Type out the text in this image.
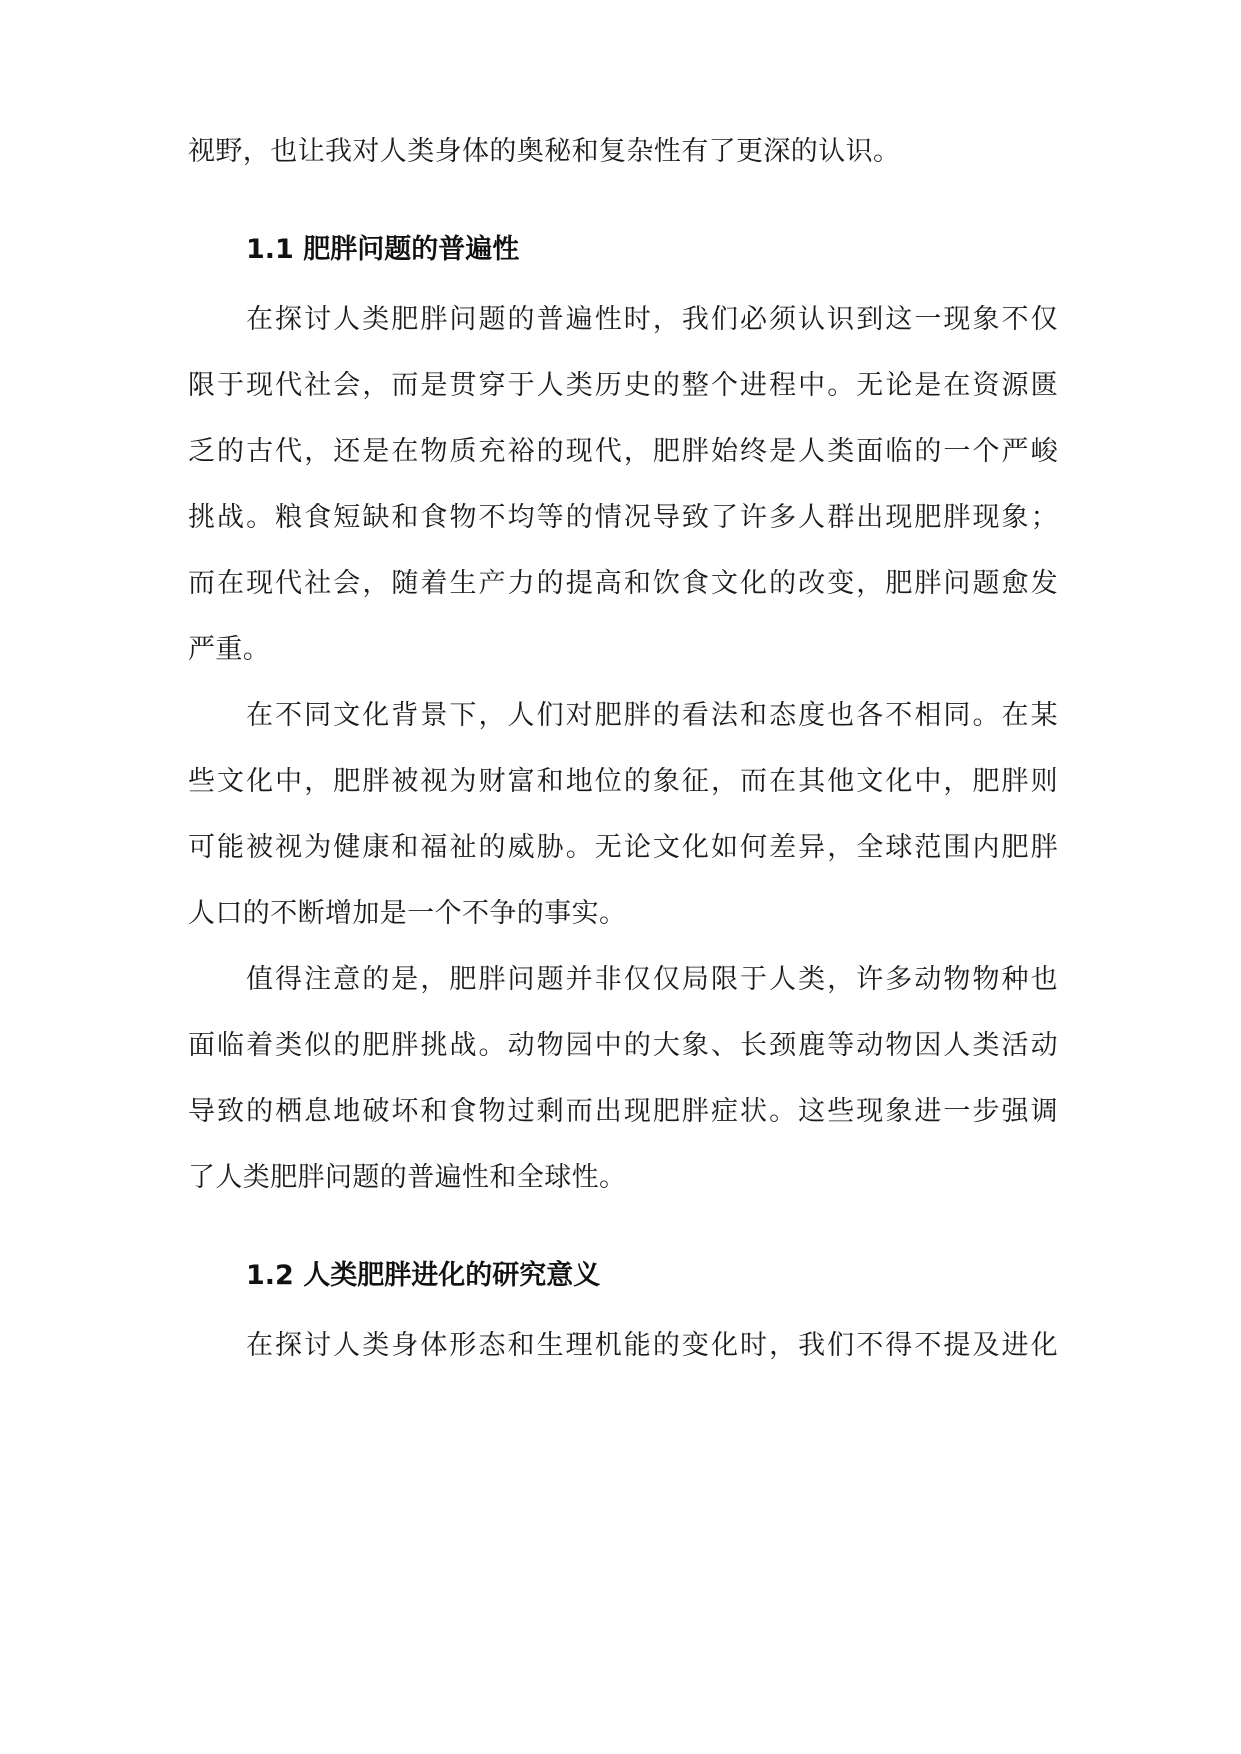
视野，也让我对人类身体的奥秘和复杂性有了更深的认识。
1.1 肥胖问题的普遍性
在探讨人类肥胖问题的普遍性时，我们必须认识到这一现象不仅
限于现代社会，而是贯穿于人类历史的整个进程中。无论是在资源匮
乏的古代，还是在物质充裕的现代，肥胖始终是人类面临的一个严峻
挑战。粮食短缺和食物不均等的情况导致了许多人群出现肥胖现象；
而在现代社会，随着生产力的提高和饮食文化的改变，肥胖问题愈发
严重。
在不同文化背景下，人们对肥胖的看法和态度也各不相同。在某
些文化中，肥胖被视为财富和地位的象征，而在其他文化中，肥胖则
可能被视为健康和福祉的威胁。无论文化如何差异，全球范围内肥胖
人口的不断增加是一个不争的事实。
值得注意的是，肥胖问题并非仅仅局限于人类，许多动物物种也
面临着类似的肥胖挑战。动物园中的大象、长颈鹿等动物因人类活动
导致的栖息地破坏和食物过剩而出现肥胖症状。这些现象进一步强调
了人类肥胖问题的普遍性和全球性。
1.2 人类肥胖进化的研究意义
在探讨人类身体形态和生理机能的变化时，我们不得不提及进化
